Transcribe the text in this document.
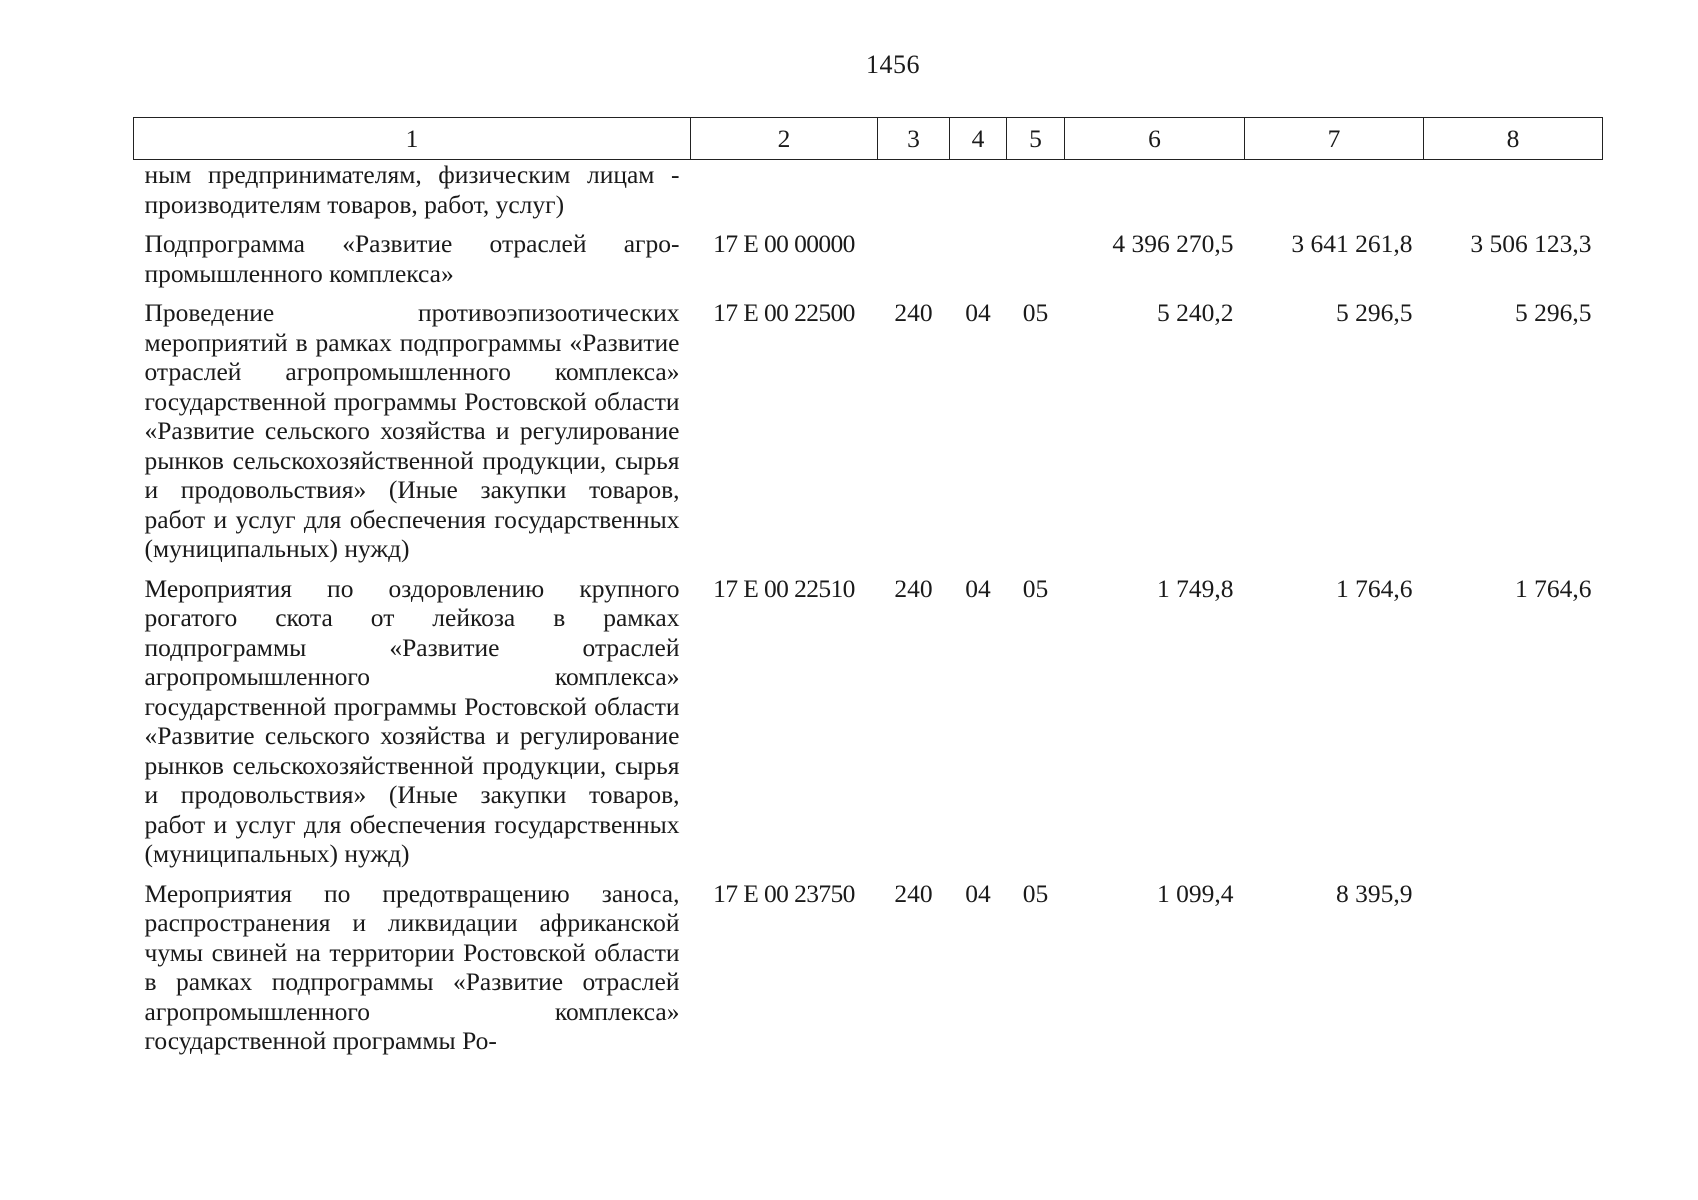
1456
1	2	3	4	5	6	7	8
ным предпринимателям, физическим лицам - производителям товаров, работ, услуг)							
Подпрограмма «Развитие отраслей агро-промышленного комплекса»	17 Е 00 00000				4 396 270,5	3 641 261,8	3 506 123,3
Проведение противоэпизоотических мероприятий в рамках подпрограммы «Развитие отраслей агропромышленного комплекса» государственной программы Ростовской области «Развитие сельского хозяйства и регулирование рынков сельскохозяйственной продукции, сырья и продовольствия» (Иные закупки товаров, работ и услуг для обеспечения государственных (муниципальных) нужд)	17 Е 00 22500	240	04	05	5 240,2	5 296,5	5 296,5
Мероприятия по оздоровлению крупного рогатого скота от лейкоза в рамках подпрограммы «Развитие отраслей агропромышленного комплекса» государственной программы Ростовской области «Развитие сельского хозяйства и регулирование рынков сельскохозяйственной продукции, сырья и продовольствия» (Иные закупки товаров, работ и услуг для обеспечения государственных (муниципальных) нужд)	17 Е 00 22510	240	04	05	1 749,8	1 764,6	1 764,6
Мероприятия по предотвращению заноса, распространения и ликвидации африканской чумы свиней на территории Ростовской области в рамках подпрограммы «Развитие отраслей агропромышленного комплекса» государственной программы Ро-	17 Е 00 23750	240	04	05	1 099,4	8 395,9	
